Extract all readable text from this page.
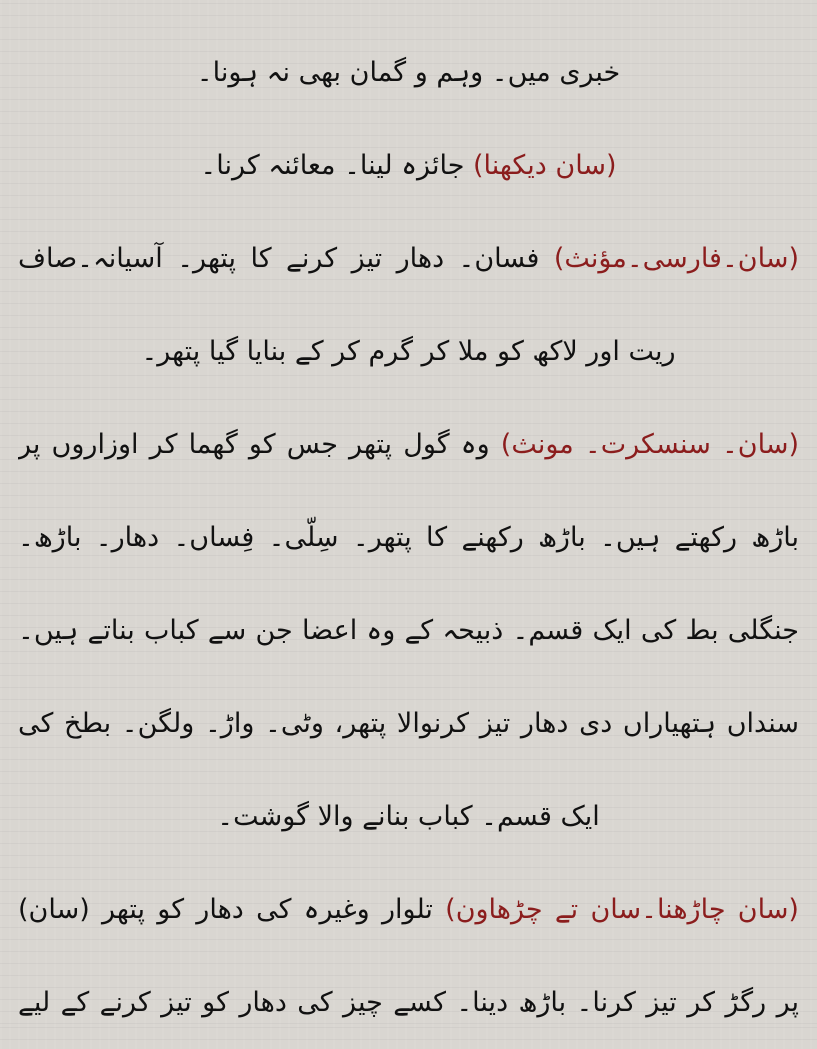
خبری میں۔ وہم و گمان بھی نہ ہونا۔
(سان دیکھنا) جائزہ لینا۔ معائنہ کرنا۔
(سان۔فارسی۔مؤنث) فسان۔ دھار تیز کرنے کا پتھر۔ آسیانہ۔صاف
ریت اور لاکھ کو ملا کر گرم کر کے بنایا گیا پتھر۔
(سان۔ سنسکرت۔ مونث) وہ گول پتھر جس کو گھما کر اوزاروں پر
باڑھ رکھتے ہیں۔ باڑھ رکھنے کا پتھر۔ سِلّی۔ فِساں۔ دھار۔ باڑھ۔
جنگلی بط کی ایک قسم۔ ذبیحہ کے وہ اعضا جن سے کباب بناتے ہیں۔
سنداں ہتھیاراں دی دھار تیز کرنوالا پتھر، وٹی۔ واڑ۔ ولگن۔ بطخ کی
ایک قسم۔ کباب بنانے والا گوشت۔
(سان چاڑھنا۔سان تے چڑھاون) تلوار وغیرہ کی دھار کو پتھر (سان)
پر رگڑ کر تیز کرنا۔ باڑھ دینا۔ کسے چیز کی دھار کو تیز کرنے کے لیے
